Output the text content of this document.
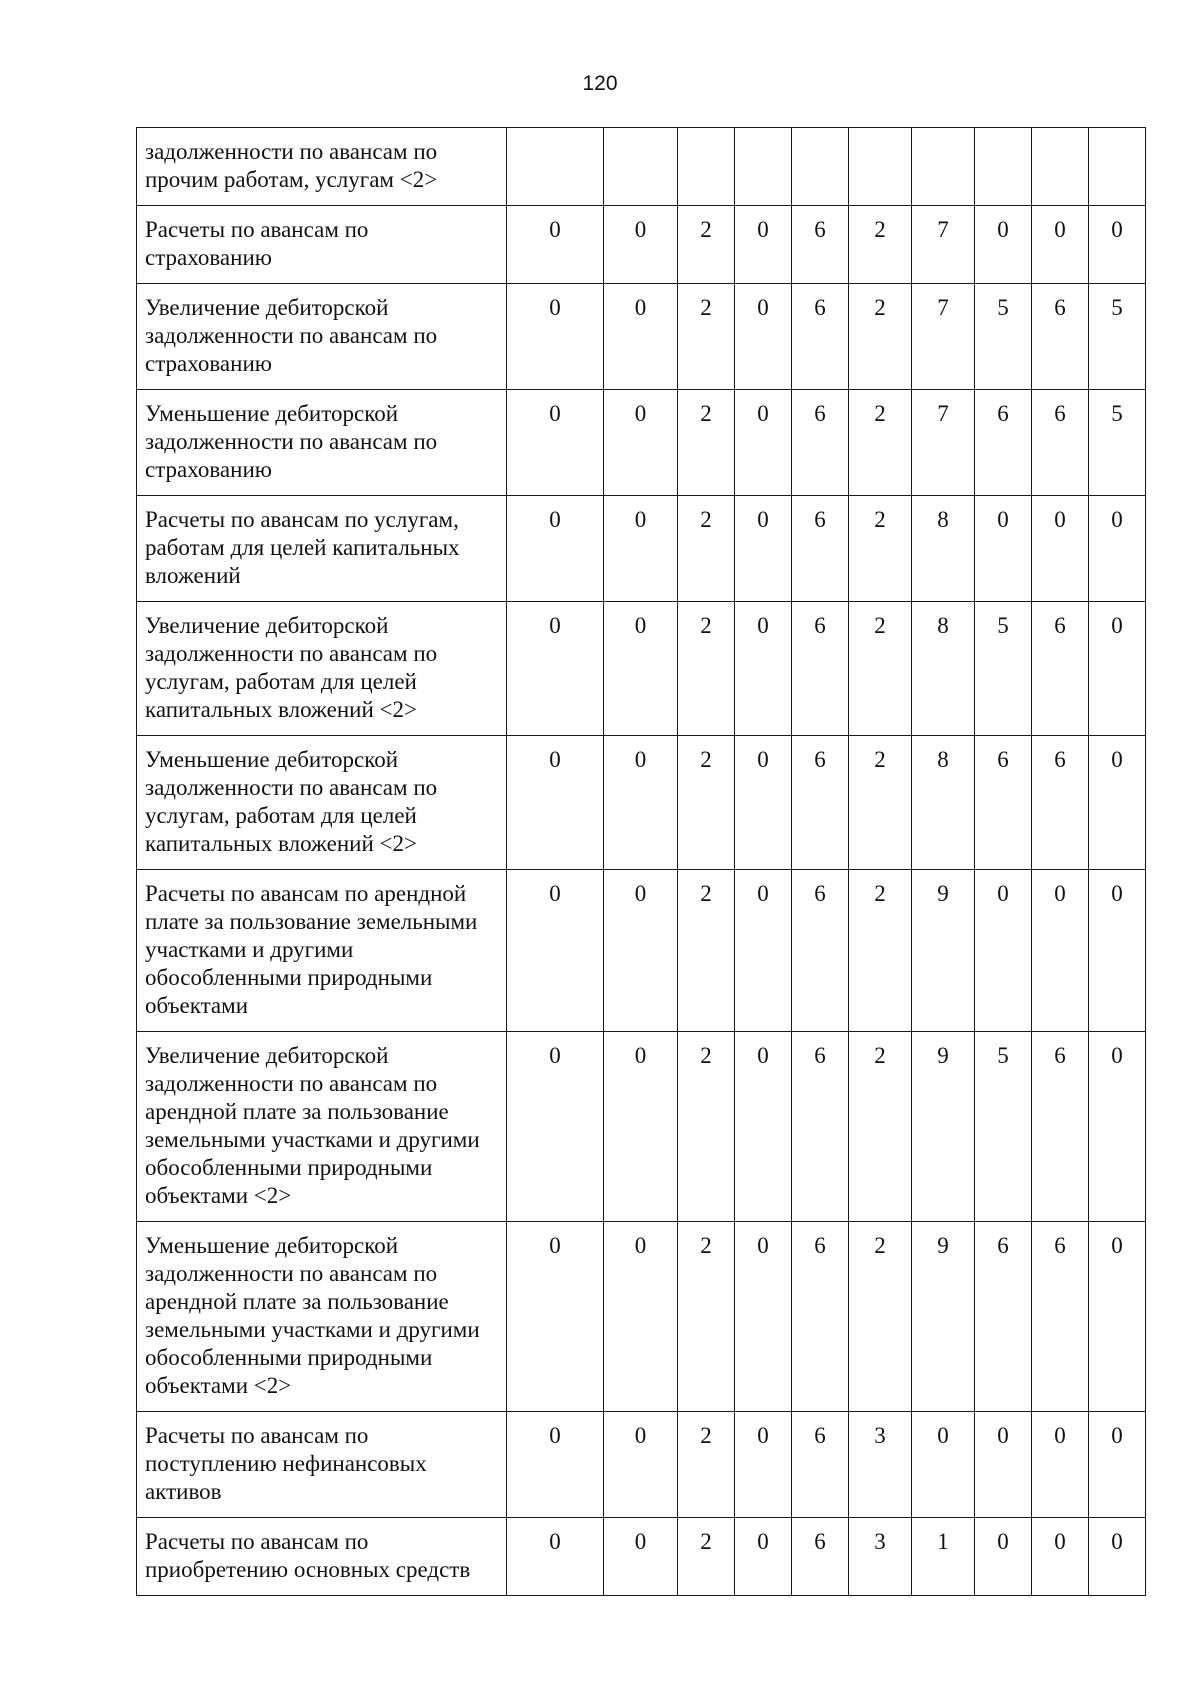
120
задолженности по авансам по прочим работам, услугам <2>										
Расчеты по авансам по страхованию	0	0	2	0	6	2	7	0	0	0
Увеличение дебиторской задолженности по авансам по страхованию	0	0	2	0	6	2	7	5	6	5
Уменьшение дебиторской задолженности по авансам по страхованию	0	0	2	0	6	2	7	6	6	5
Расчеты по авансам по услугам, работам для целей капитальных вложений	0	0	2	0	6	2	8	0	0	0
Увеличение дебиторской задолженности по авансам по услугам, работам для целей капитальных вложений <2>	0	0	2	0	6	2	8	5	6	0
Уменьшение дебиторской задолженности по авансам по услугам, работам для целей капитальных вложений <2>	0	0	2	0	6	2	8	6	6	0
Расчеты по авансам по арендной плате за пользование земельными участками и другими обособленными природными объектами	0	0	2	0	6	2	9	0	0	0
Увеличение дебиторской задолженности по авансам по арендной плате за пользование земельными участками и другими обособленными природными объектами <2>	0	0	2	0	6	2	9	5	6	0
Уменьшение дебиторской задолженности по авансам по арендной плате за пользование земельными участками и другими обособленными природными объектами <2>	0	0	2	0	6	2	9	6	6	0
Расчеты по авансам по поступлению нефинансовых активов	0	0	2	0	6	3	0	0	0	0
Расчеты по авансам по приобретению основных средств	0	0	2	0	6	3	1	0	0	0
